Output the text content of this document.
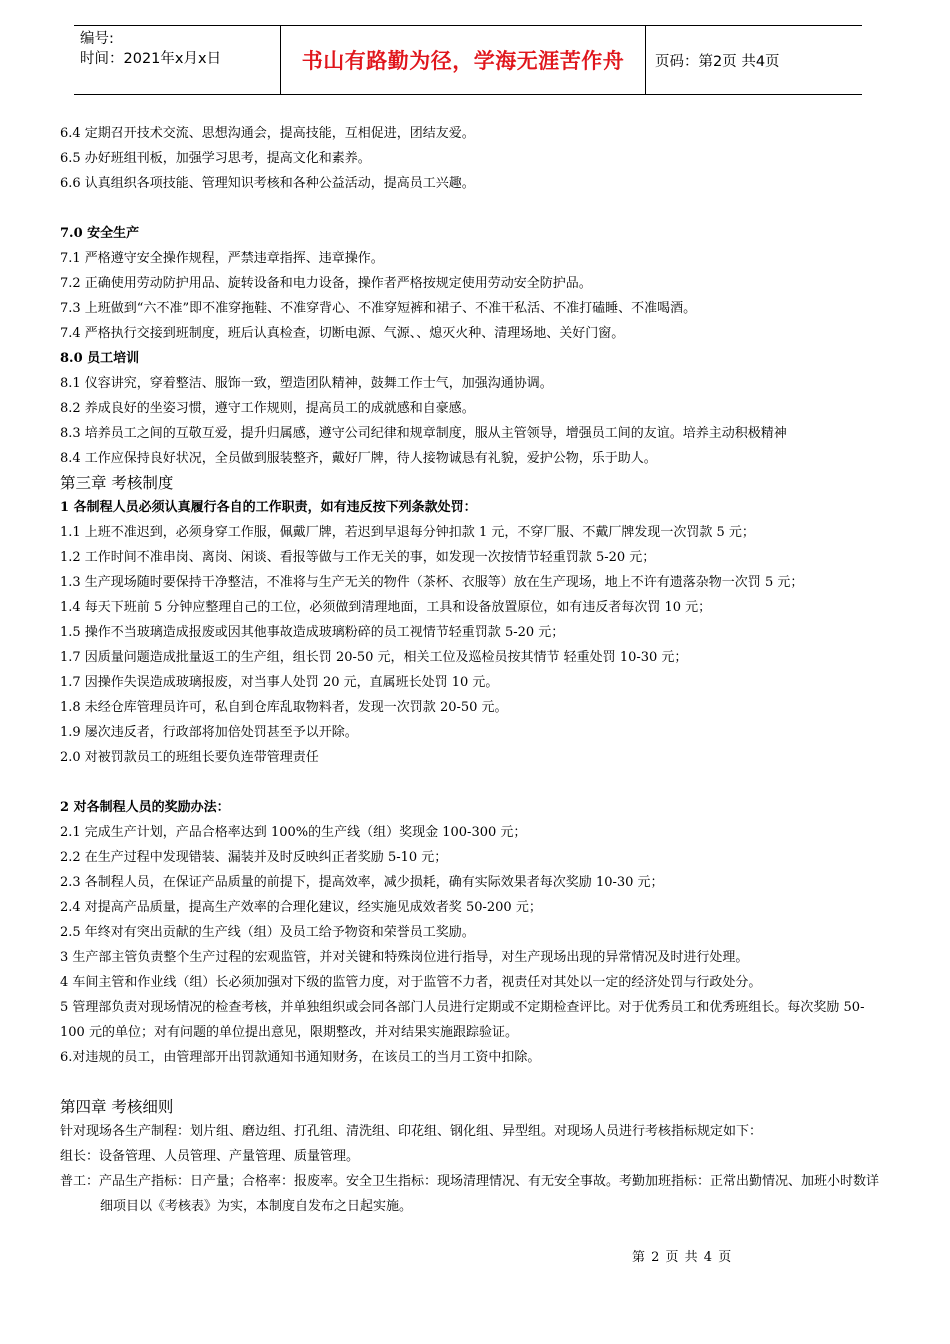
编号:
时间：2021年x月x日	书山有路勤为径，学海无涯苦作舟	页码：第2页 共4页

6.4 定期召开技术交流、思想沟通会，提高技能，互相促进，团结友爱。

6.5 办好班组刊板，加强学习思考，提高文化和素养。

6.6 认真组织各项技能、管理知识考核和各种公益活动，提高员工兴趣。

7.0 安全生产

7.1 严格遵守安全操作规程，严禁违章指挥、违章操作。

7.2 正确使用劳动防护用品、旋转设备和电力设备，操作者严格按规定使用劳动安全防护品。

7.3 上班做到“六不准”即不准穿拖鞋、不准穿背心、不准穿短裤和裙子、不准干私活、不准打磕睡、不准喝酒。

7.4 严格执行交接到班制度，班后认真检查，切断电源、气源、、熄灭火种、清理场地、关好门窗。

8.0 员工培训

8.1 仪容讲究，穿着整洁、服饰一致，塑造团队精神，鼓舞工作士气，加强沟通协调。

8.2 养成良好的坐姿习惯，遵守工作规则，提高员工的成就感和自豪感。

8.3 培养员工之间的互敬互爱，提升归属感，遵守公司纪律和规章制度，服从主管领导，增强员工间的友谊。培养主动积极精神

8.4 工作应保持良好状况，全员做到服装整齐，戴好厂牌，待人接物诚恳有礼貌，爱护公物，乐于助人。

第三章 考核制度

1 各制程人员必须认真履行各自的工作职责，如有违反按下列条款处罚：

1.1 上班不准迟到，必须身穿工作服，佩戴厂牌，若迟到早退每分钟扣款 1 元，不穿厂服、不戴厂牌发现一次罚款 5 元；

1.2 工作时间不准串岗、离岗、闲谈、看报等做与工作无关的事，如发现一次按情节轻重罚款 5-20 元；

1.3 生产现场随时要保持干净整洁，不准将与生产无关的物件（茶杯、衣服等）放在生产现场，地上不许有遗落杂物一次罚 5 元；

1.4 每天下班前 5 分钟应整理自己的工位，必须做到清理地面，工具和设备放置原位，如有违反者每次罚 10 元；

1.5 操作不当玻璃造成报废或因其他事故造成玻璃粉碎的员工视情节轻重罚款 5-20 元；

1.7 因质量问题造成批量返工的生产组，组长罚 20-50 元，相关工位及巡检员按其情节 轻重处罚 10-30 元；

1.7 因操作失误造成玻璃报废，对当事人处罚 20 元，直属班长处罚 10 元。

1.8 未经仓库管理员许可，私自到仓库乱取物料者，发现一次罚款 20-50 元。

1.9 屡次违反者，行政部将加倍处罚甚至予以开除。

2.0 对被罚款员工的班组长要负连带管理责任

2 对各制程人员的奖励办法：

2.1 完成生产计划，产品合格率达到 100%的生产线（组）奖现金 100-300 元；

2.2 在生产过程中发现错装、漏装并及时反映纠正者奖励 5-10 元；

2.3 各制程人员，在保证产品质量的前提下，提高效率，减少损耗，确有实际效果者每次奖励 10-30 元；

2.4 对提高产品质量，提高生产效率的合理化建议，经实施见成效者奖 50-200 元；

2.5 年终对有突出贡献的生产线（组）及员工给予物资和荣誉员工奖励。

3 生产部主管负责整个生产过程的宏观监管，并对关键和特殊岗位进行指导，对生产现场出现的异常情况及时进行处理。

4 车间主管和作业线（组）长必须加强对下级的监管力度，对于监管不力者，视责任对其处以一定的经济处罚与行政处分。

5 管理部负责对现场情况的检查考核，并单独组织或会同各部门人员进行定期或不定期检查评比。对于优秀员工和优秀班组长。每次奖励 50-100 元的单位；对有问题的单位提出意见，限期整改，并对结果实施跟踪验证。

6.对违规的员工，由管理部开出罚款通知书通知财务，在该员工的当月工资中扣除。

第四章 考核细则

针对现场各生产制程：划片组、磨边组、打孔组、清洗组、印花组、钢化组、异型组。对现场人员进行考核指标规定如下：

组长：设备管理、人员管理、产量管理、质量管理。

普工：产品生产指标：日产量；合格率：报废率。安全卫生指标：现场清理情况、有无安全事故。考勤加班指标：正常出勤情况、加班小时数详细项目以《考核表》为实，本制度自发布之日起实施。

第 2 页 共 4 页
